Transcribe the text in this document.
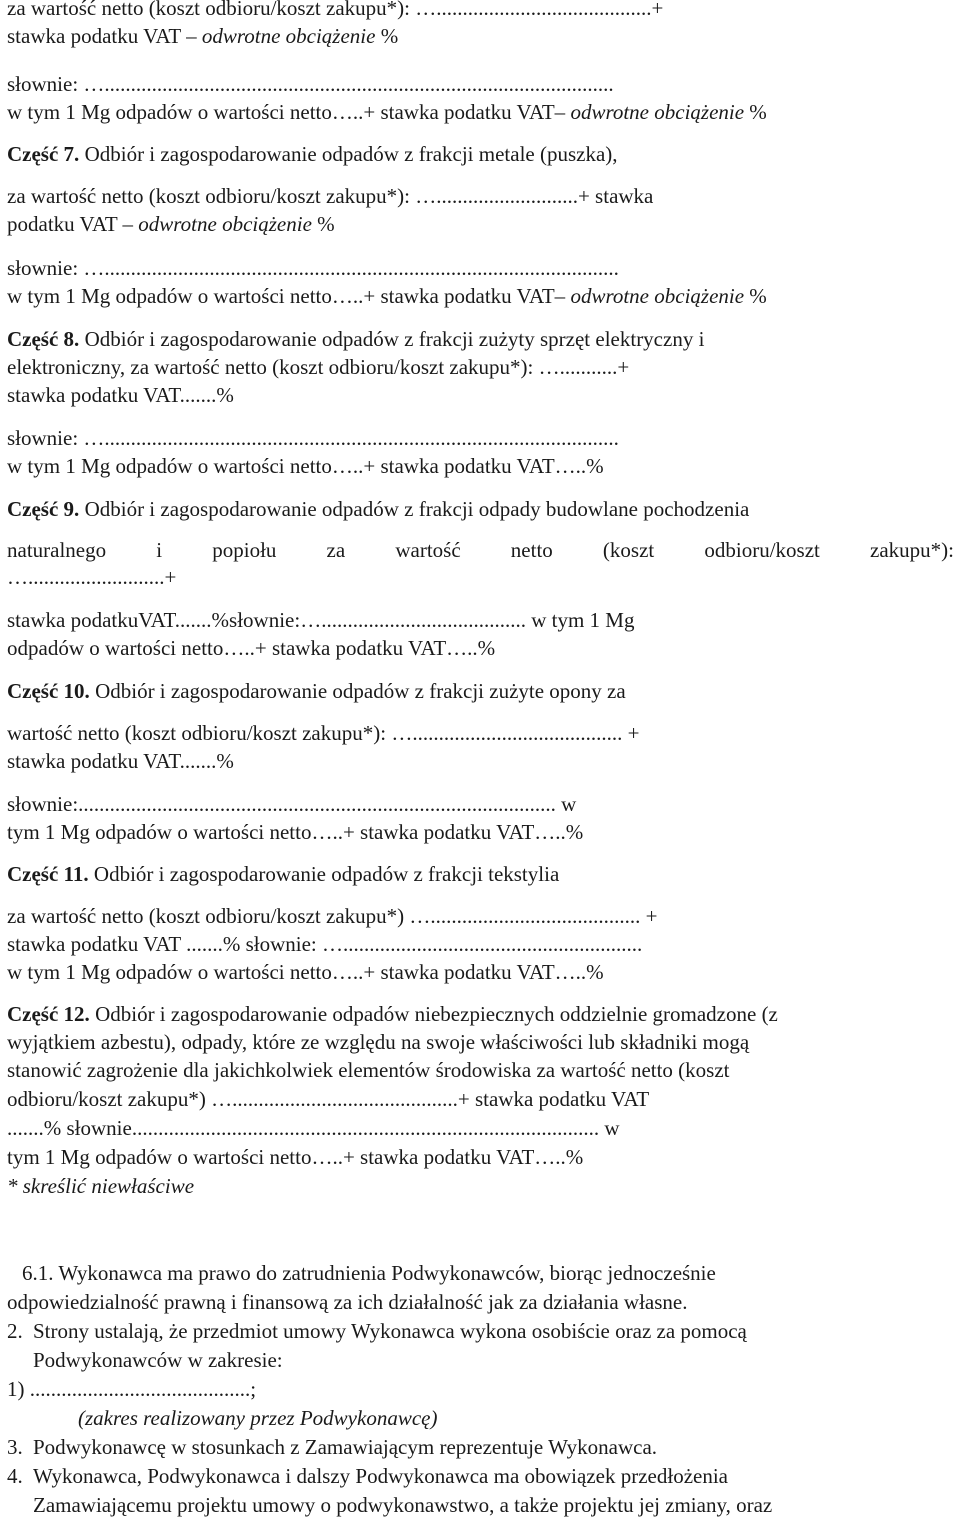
za wartość netto (koszt odbioru/koszt zakupu*): ….........................................+
stawka podatku VAT – odwrotne obciążenie %
słownie: ….................................................................................................
w tym 1 Mg odpadów o wartości netto…..+ stawka podatku VAT– odwrotne obciążenie %
Część 7. Odbiór i zagospodarowanie odpadów z frakcji metale (puszka),
za wartość netto (koszt odbioru/koszt zakupu*): …...........................+ stawka
podatku VAT – odwrotne obciążenie %
słownie: …..................................................................................................
w tym 1 Mg odpadów o wartości netto…..+ stawka podatku VAT– odwrotne obciążenie %
Część 8. Odbiór i zagospodarowanie odpadów z frakcji zużyty sprzęt elektryczny i
elektroniczny, za wartość netto (koszt odbioru/koszt zakupu*): …...........+
stawka podatku VAT.......%
słownie: …..................................................................................................
w tym 1 Mg odpadów o wartości netto…..+ stawka podatku VAT…..%
Część 9. Odbiór i zagospodarowanie odpadów z frakcji odpady budowlane pochodzenia
naturalnego i popiołu za wartość netto (koszt odbioru/koszt zakupu*):
…..........................+
stawka podatkuVAT.......%słownie:…....................................... w tym 1 Mg
odpadów o wartości netto…..+ stawka podatku VAT…..%
Część 10. Odbiór i zagospodarowanie odpadów z frakcji zużyte opony za
wartość netto (koszt odbioru/koszt zakupu*): …........................................ +
stawka podatku VAT.......%
słownie:........................................................................................... w
tym 1 Mg odpadów o wartości netto…..+ stawka podatku VAT…..%
Część 11. Odbiór i zagospodarowanie odpadów z frakcji tekstylia
za wartość netto (koszt odbioru/koszt zakupu*) …........................................ +
stawka podatku VAT .......% słownie: ….........................................................
w tym 1 Mg odpadów o wartości netto…..+ stawka podatku VAT…..%
Część 12. Odbiór i zagospodarowanie odpadów niebezpiecznych oddzielnie gromadzone (z
wyjątkiem azbestu), odpady, które ze względu na swoje właściwości lub składniki mogą
stanowić zagrożenie dla jakichkolwiek elementów środowiska za wartość netto (koszt
odbioru/koszt zakupu*) …...........................................+ stawka podatku VAT
.......% słownie......................................................................................... w
tym 1 Mg odpadów o wartości netto…..+ stawka podatku VAT…..%
* skreślić niewłaściwe
6.1. Wykonawca ma prawo do zatrudnienia Podwykonawców, biorąc jednocześnie
odpowiedzialność prawną i finansową za ich działalność jak za działania własne.
2. Strony ustalają, że przedmiot umowy Wykonawca wykona osobiście oraz za pomocą
Podwykonawców w zakresie:
1) ..........................................;
(zakres realizowany przez Podwykonawcę)
3. Podwykonawcę w stosunkach z Zamawiającym reprezentuje Wykonawca.
4. Wykonawca, Podwykonawca i dalszy Podwykonawca ma obowiązek przedłożenia
Zamawiającemu projektu umowy o podwykonawstwo, a także projektu jej zmiany, oraz
